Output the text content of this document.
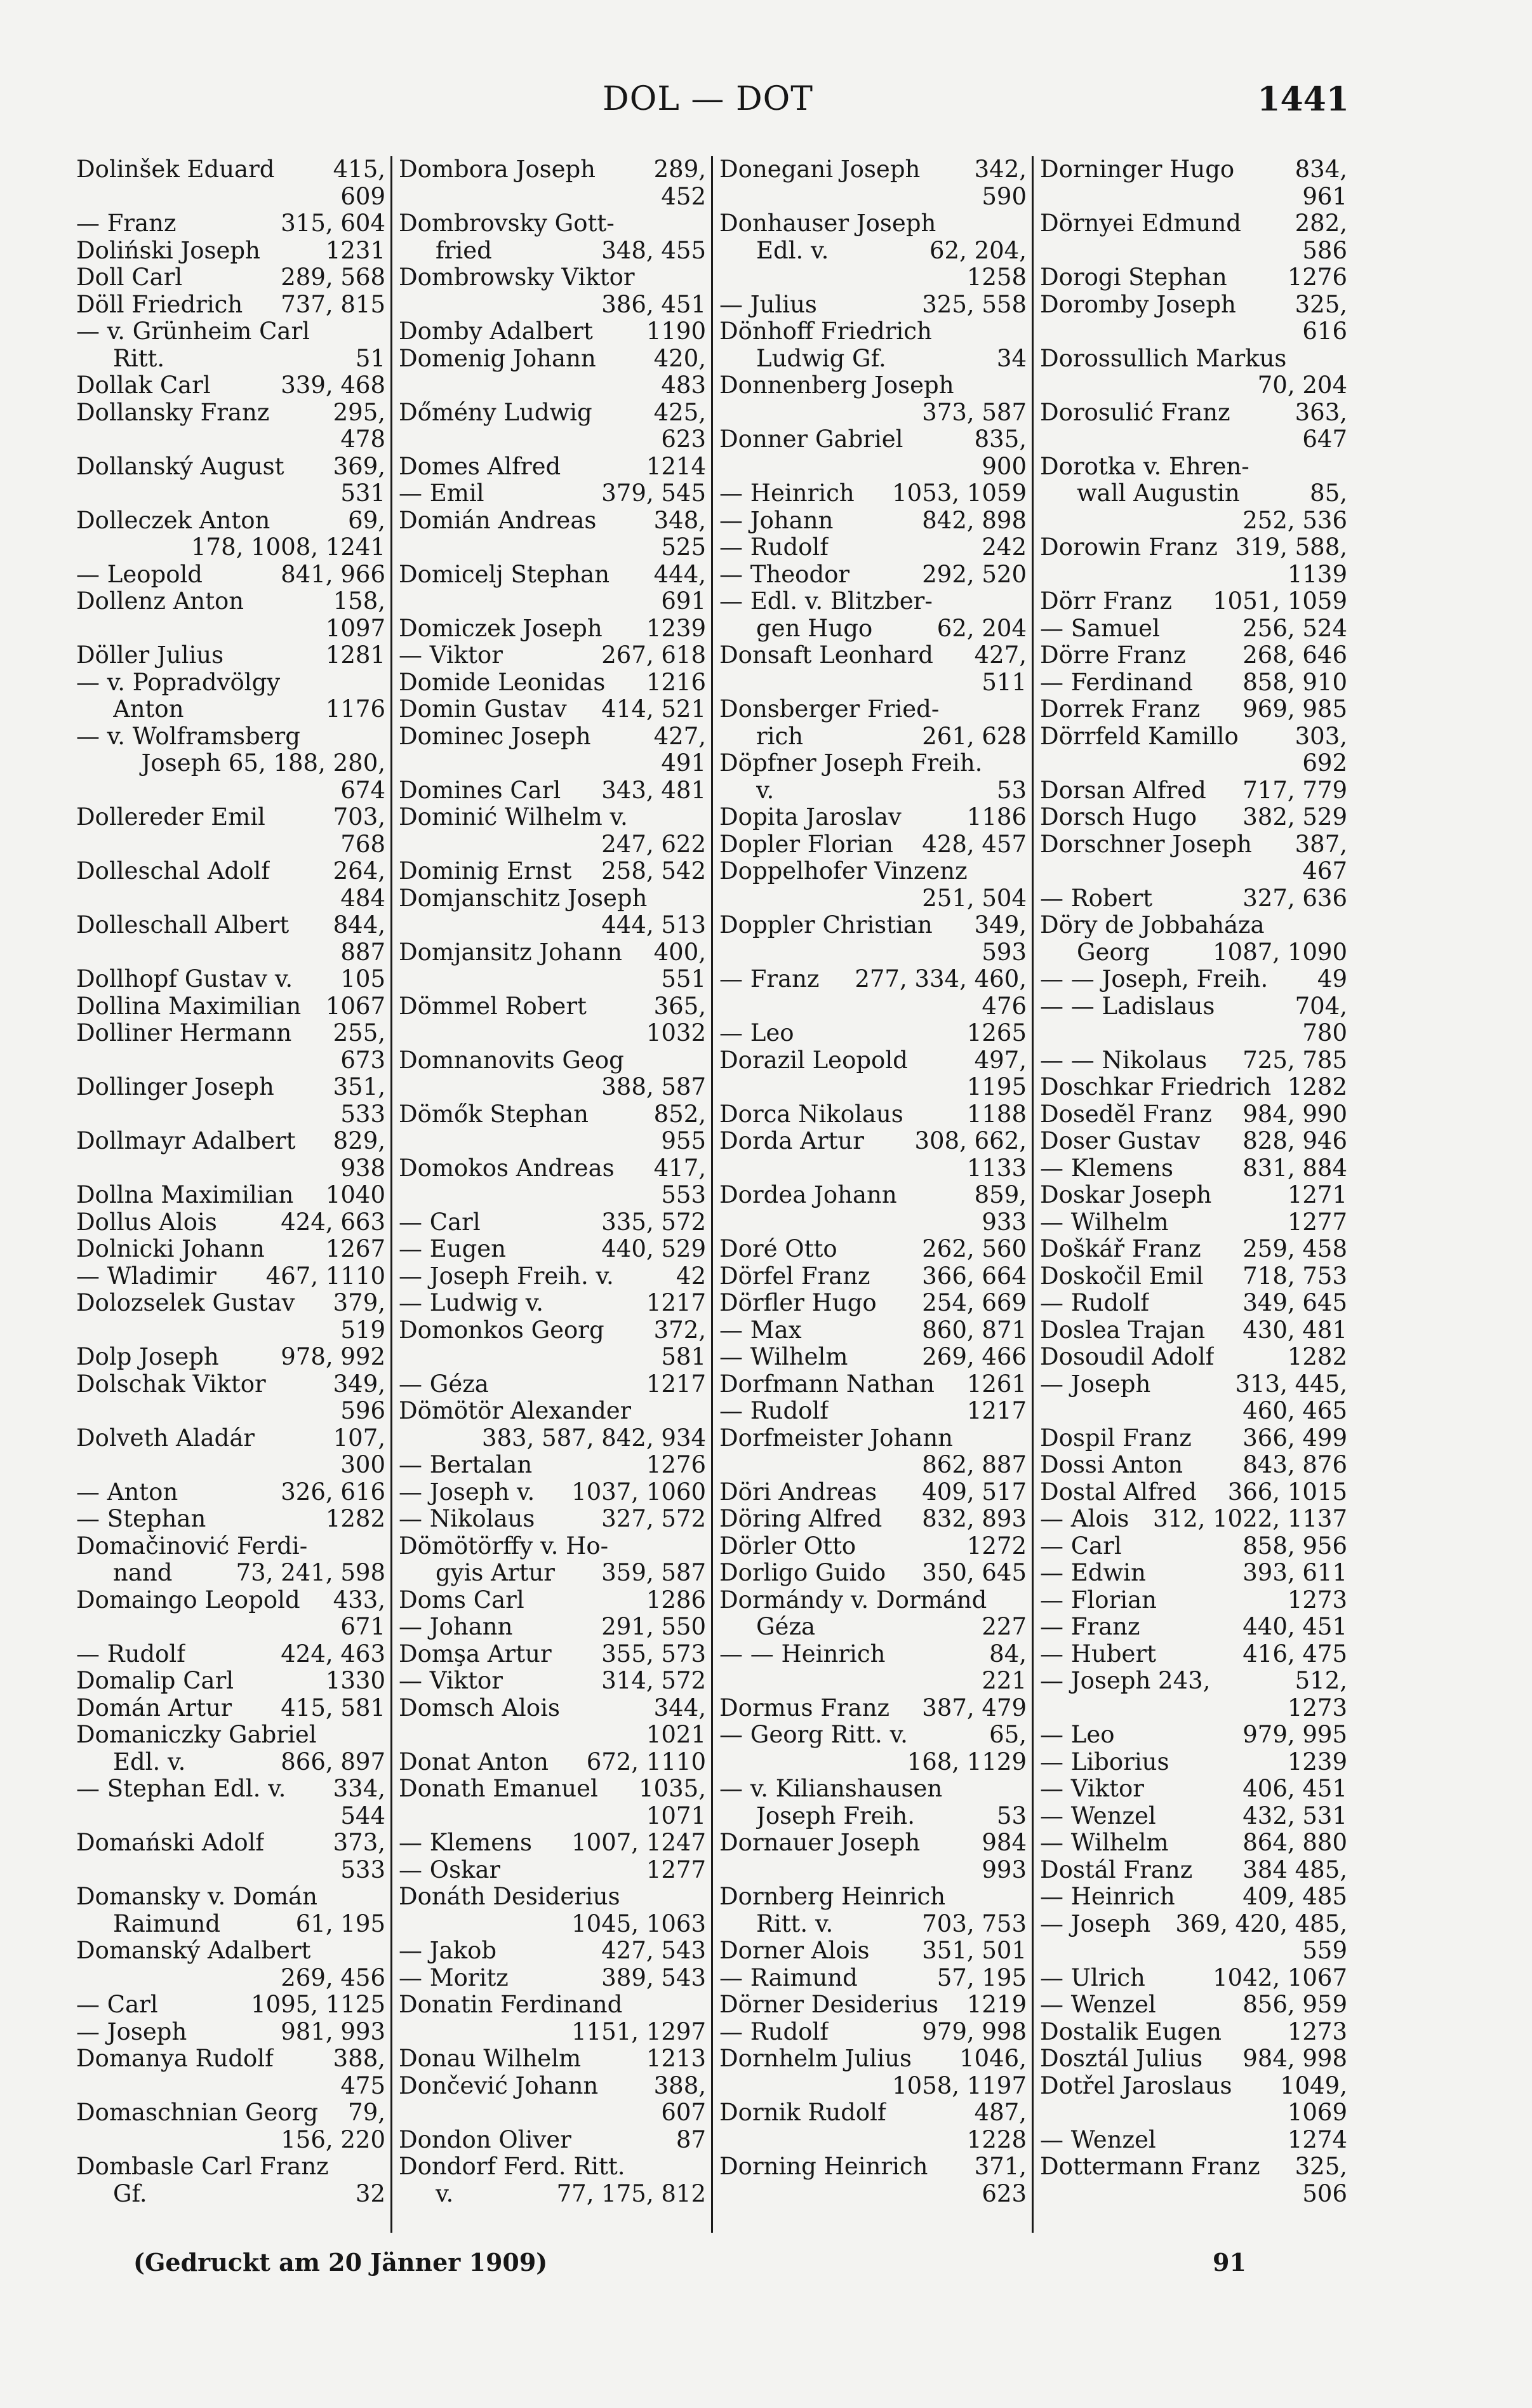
DOL — DOT	1441
Dolinšek Eduard 415,
609
— Franz	315, 604
Doliński Joseph	1231
Doll Carl	289, 568
Döll Friedrich 737, 815
— v. Grünheim Carl
Ritt.	51
Dollak Carl	339, 468
Dollansky Franz	295,
478
Dollanský August 369,
531
Dolleczek Anton	69,
178, 1008, 1241
— Leopold	841, 966
Dollenz Anton	158,
1097
Döller Julius	1281
— v. Popradvölgy
Anton	1176
— v. Wolframsberg
Joseph 65, 188, 280,
674
Dollereder Emil	703,
768
Dolleschal Adolf	264,
484
Dolleschall Albert 844,
887
Dollhopf Gustav v. 105
Dollina Maximilian 1067
Dolliner Hermann 255,
673
Dollinger Joseph	351,
533
Dollmayr Adalbert 829,
938
Dollna Maximilian 1040
Dollus Alois	424, 663
Dolnicki Johann	1267
— Wladimir 467, 1110
Dolozselek Gustav 379,
519
Dolp Joseph	978, 992
Dolschak Viktor	349,
596
Dolveth Aladár	107,
300
— Anton	326, 616
— Stephan	1282
Domačinović Ferdi-
nand	73, 241, 598
Domaingo Leopold 433,
671
— Rudolf	424, 463
Domalip Carl	1330
Domán Artur 415, 581
Domaniczky Gabriel
Edl. v.	866, 897
— Stephan Edl. v. 334,
544
Domański Adolf	373,
533
Domansky v. Domán
Raimund	61, 195
Domanský Adalbert
269, 456
— Carl	1095, 1125
— Joseph	981, 993
Domanya Rudolf	388,
475
Domaschnian Georg 79,
156, 220
Dombasle Carl Franz
Gf.	32
Dombora Joseph 289,
452
Dombrovsky Gott-
fried	348, 455
Dombrowsky Viktor
386, 451
Domby Adalbert 1190
Domenig Johann 420,
483
Dőmény Ludwig	425,
623
Domes Alfred	1214
— Emil	379, 545
Domián Andreas 348,
525
Domicelj Stephan 444,
691
Domiczek Joseph 1239
— Viktor	267, 618
Domide Leonidas 1216
Domin Gustav 414, 521
Dominec Joseph	427,
491
Domines Carl 343, 481
Dominić Wilhelm v.
247, 622
Dominig Ernst 258, 542
Domjanschitz Joseph
444, 513
Domjansitz Johann 400,
551
Dömmel Robert	365,
1032
Domnanovits Geog
388, 587
Dömők Stephan	852,
955
Domokos Andreas 417,
553
— Carl	335, 572
— Eugen	440, 529
— Joseph Freih. v.	42
— Ludwig v.	1217
Domonkos Georg 372,
581
— Géza	1217
Dömötör Alexander
383, 587, 842, 934
— Bertalan	1276
— Joseph v. 1037, 1060
— Nikolaus	327, 572
Dömötörffy v. Ho-
gyis Artur 359, 587
Doms Carl	1286
— Johann	291, 550
Domşa Artur 355, 573
— Viktor	314, 572
Domsch Alois	344,
1021
Donat Anton 672, 1110
Donath Emanuel 1035,
1071
— Klemens 1007, 1247
— Oskar	1277
Donáth Desiderius
1045, 1063
— Jakob	427, 543
— Moritz	389, 543
Donatin Ferdinand
1151, 1297
Donau Wilhelm	1213
Dončević Johann 388,
607
Dondon Oliver	87
Dondorf Ferd. Ritt.
v.	77, 175, 812
Donegani Joseph 342,
590
Donhauser Joseph
Edl. v.	62, 204,
1258
— Julius	325, 558
Dönhoff Friedrich
Ludwig Gf.	34
Donnenberg Joseph
373, 587
Donner Gabriel	835,
900
— Heinrich 1053, 1059
— Johann	842, 898
— Rudolf	242
— Theodor	292, 520
— Edl. v. Blitzber-
gen Hugo	62, 204
Donsaft Leonhard 427,
511
Donsberger Fried-
rich	261, 628
Döpfner Joseph Freih.
v.	53
Dopita Jaroslav	1186
Dopler Florian 428, 457
Doppelhofer Vinzenz
251, 504
Doppler Christian 349,
593
— Franz 277, 334, 460,
476
— Leo	1265
Dorazil Leopold	497,
1195
Dorca Nikolaus	1188
Dorda Artur 308, 662,
1133
Dordea Johann	859,
933
Doré Otto	262, 560
Dörfel Franz 366, 664
Dörfler Hugo 254, 669
— Max	860, 871
— Wilhelm	269, 466
Dorfmann Nathan 1261
— Rudolf	1217
Dorfmeister Johann
862, 887
Döri Andreas 409, 517
Döring Alfred 832, 893
Dörler Otto	1272
Dorligo Guido 350, 645
Dormándy v. Dormánd
Géza	227
— — Heinrich	84,
221
Dormus Franz 387, 479
— Georg Ritt. v.	65,
168, 1129
— v. Kilianshausen
Joseph Freih.	53
Dornauer Joseph	984
993
Dornberg Heinrich
Ritt. v.	703, 753
Dorner Alois 351, 501
— Raimund	57, 195
Dörner Desiderius 1219
— Rudolf	979, 998
Dornhelm Julius 1046,
1058, 1197
Dornik Rudolf	487,
1228
Dorning Heinrich 371,
623
Dorninger Hugo	834,
961
Dörnyei Edmund 282,
586
Dorogi Stephan	1276
Doromby Joseph	325,
616
Dorossullich Markus
70, 204
Dorosulić Franz	363,
647
Dorotka v. Ehren-
wall Augustin	85,
252, 536
Dorowin Franz 319, 588,
1139
Dörr Franz 1051, 1059
— Samuel	256, 524
Dörre Franz 268, 646
— Ferdinand 858, 910
Dorrek Franz 969, 985
Dörrfeld Kamillo 303,
692
Dorsan Alfred 717, 779
Dorsch Hugo 382, 529
Dorschner Joseph 387,
467
— Robert	327, 636
Döry de Jobbaháza
Georg	1087, 1090
— — Joseph, Freih. 49
— — Ladislaus	704,
780
— — Nikolaus 725, 785
Doschkar Friedrich 1282
Dosedĕl Franz 984, 990
Doser Gustav 828, 946
— Klemens	831, 884
Doskar Joseph	1271
— Wilhelm	1277
Doškář Franz 259, 458
Doskočil Emil 718, 753
— Rudolf	349, 645
Doslea Trajan 430, 481
Dosoudil Adolf	1282
— Joseph	313, 445,
460, 465
Dospil Franz 366, 499
Dossi Anton	843, 876
Dostal Alfred 366, 1015
— Alois 312, 1022, 1137
— Carl	858, 956
— Edwin	393, 611
— Florian	1273
— Franz	440, 451
— Hubert	416, 475
— Joseph 243,	512,
1273
— Leo	979, 995
— Liborius	1239
— Viktor	406, 451
— Wenzel	432, 531
— Wilhelm	864, 880
Dostál Franz 384 485,
— Heinrich	409, 485
— Joseph 369, 420, 485,
559
— Ulrich	1042, 1067
— Wenzel	856, 959
Dostalik Eugen	1273
Dosztál Julius 984, 998
Dotřel Jaroslaus 1049,
1069
— Wenzel	1274
Dottermann Franz 325,
506
(Gedruckt am 20 Jänner 1909)	91
